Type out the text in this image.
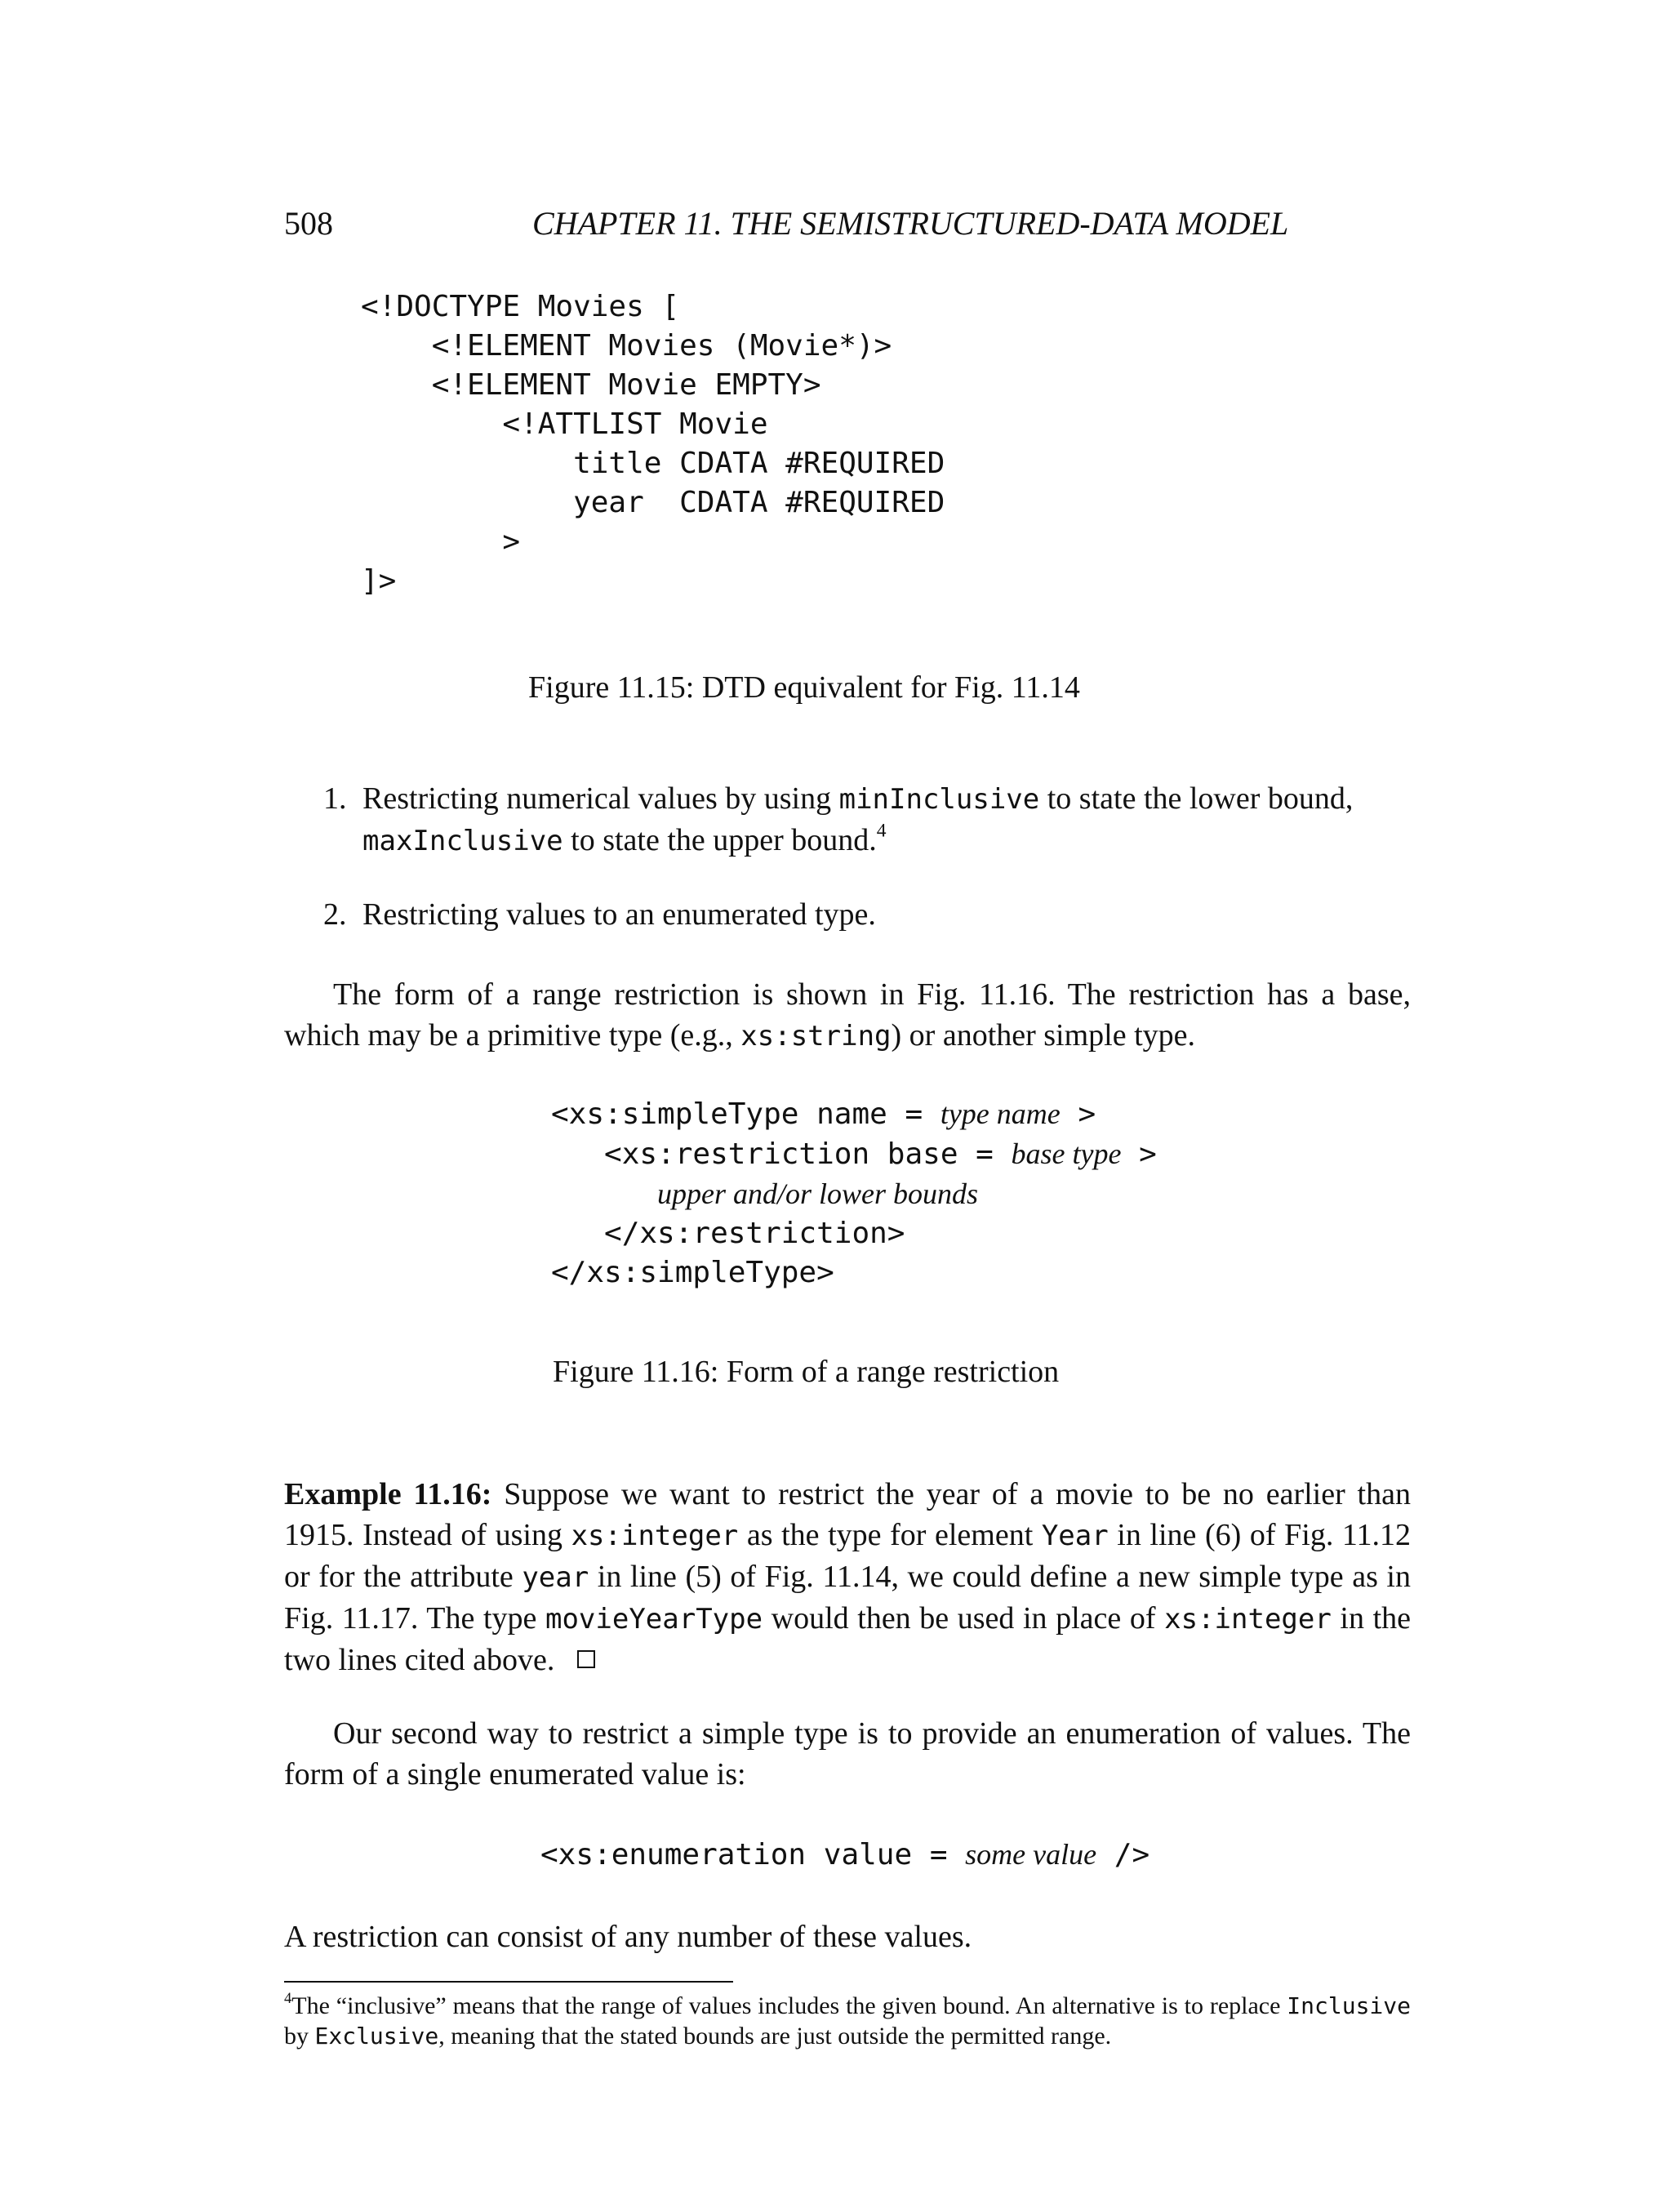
508	CHAPTER 11. THE SEMISTRUCTURED-DATA MODEL
<!DOCTYPE Movies [
<!ELEMENT Movies (Movie*)>
<!ELEMENT Movie EMPTY>
<!ATTLIST Movie
title CDATA #REQUIRED
year  CDATA #REQUIRED
>
]>
Figure 11.15: DTD equivalent for Fig. 11.14
1. Restricting numerical values by using minInclusive to state the lower bound, maxInclusive to state the upper bound.$^4$
2. Restricting values to an enumerated type.
The form of a range restriction is shown in Fig. 11.16. The restriction has a base, which may be a primitive type (e.g., xs:string) or another simple type.
<xs:simpleType name = type name >
<xs:restriction base = base type >
upper and/or lower bounds
</xs:restriction>
</xs:simpleType>
Figure 11.16: Form of a range restriction
Example 11.16: Suppose we want to restrict the year of a movie to be no earlier than 1915. Instead of using xs:integer as the type for element Year in line (6) of Fig. 11.12 or for the attribute year in line (5) of Fig. 11.14, we could define a new simple type as in Fig. 11.17. The type movieYearType would then be used in place of xs:integer in the two lines cited above.
Our second way to restrict a simple type is to provide an enumeration of values. The form of a single enumerated value is:
<xs:enumeration value = some value />
A restriction can consist of any number of these values.
$^4$The “inclusive” means that the range of values includes the given bound. An alternative is to replace Inclusive by Exclusive, meaning that the stated bounds are just outside the permitted range.
